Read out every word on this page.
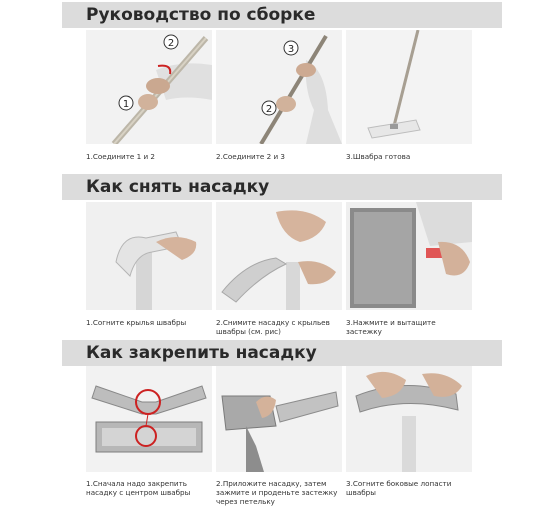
Руководство по сборке
1
2
1.Соедините 1 и 2
3
2
2.Соедините 2 и 3	3.Швабра готова
Как снять насадку
1.Согните крылья швабры	2.Снимите насадку с крыльев швабры (см. рис)
3.Нажмите и вытащите застежку
Как закрепить насадку
1.Сначала надо закрепить насадку с центром швабры
2.Приложите насадку, затем зажмите и проденьте застежку через петельку
3.Согните боковые лопасти швабры
